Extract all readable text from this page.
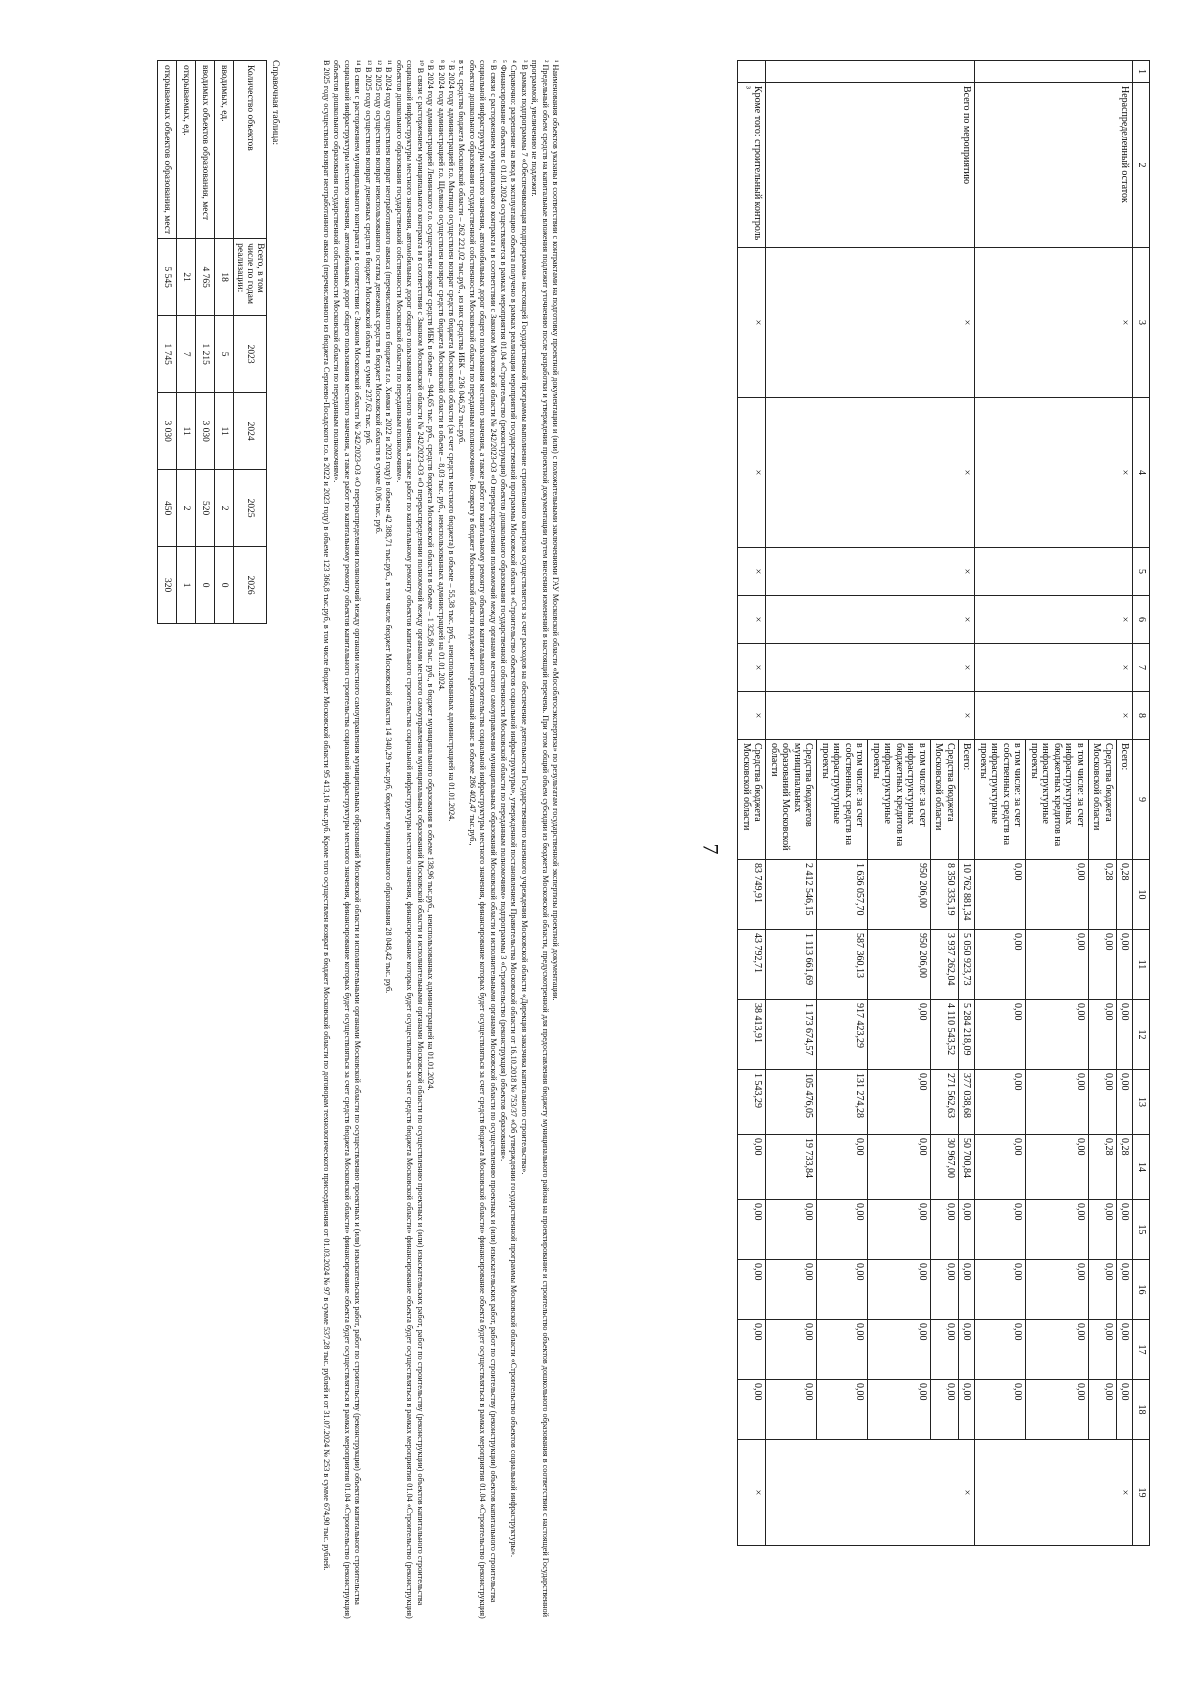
7
1	2	3	4	5	6	7	8	9	10	11	12	13	14	15	16	17	18	19
	Нераспределенный остаток	×	×		×	×	×	Всего:	0,28	0,00	0,00	0,00	0,28	0,00	0,00	0,00	0,00	×
								Средства бюджета Московской области	0,28	0,00	0,00	0,00	0,28	0,00	0,00	0,00	0,00	
								в том числе: за счет инфраструктурных бюджетных кредитов на инфраструктурные проекты	0,00	0,00	0,00	0,00	0,00	0,00	0,00	0,00	0,00	
								в том числе: за счет собственных средств на инфраструктурные проекты	0,00	0,00	0,00	0,00	0,00	0,00	0,00	0,00	0,00	
	Всего по мероприятию	×	×	×	×	×	×	Всего:	10 762 881,34	5 050 923,73	5 284 218,09	377 038,68	50 700,84	0,00	0,00	0,00	0,00	×
								Средства бюджета Московской области	8 350 335,19	3 937 262,04	4 110 543,52	271 562,63	30 967,00	0,00	0,00	0,00	0,00	
								в том числе: за счет инфраструктурных бюджетных кредитов на инфраструктурные проекты	950 206,00	950 206,00	0,00	0,00	0,00	0,00	0,00	0,00	0,00	
								в том числе: за счет собственных средств на инфраструктурные проекты	1 636 057,70	587 360,13	917 423,29	131 274,28	0,00	0,00	0,00	0,00	0,00	
								Средства бюджетов муниципальных образований Московской области	2 412 546,15	1 113 661,69	1 173 674,57	105 476,05	19 733,84	0,00	0,00	0,00	0,00	
	Кроме того: строительный контроль ³	×	×	×	×	×	×	Средства бюджета Московской области	83 749,91	43 792,71	38 413,91	1 543,29	0,00	0,00	0,00	0,00	0,00	×

¹ Наименования объектов указаны в соответствии с контрактами на подготовку проектной документации и (или) с положительными заключениями ГАУ Московской области «Мособлгосэкспертиза» по результатам государственной экспертизы проектной документации.

² Предельный объем средств на капитальные вложения подлежит уточнению после разработки и утверждения проектной документации путем внесения изменений в настоящий перечень. При этом общий объем субсидии из бюджета Московской области, предусмотренной для предоставления бюджету муниципального района на проектирование и строительство объектов дошкольного образования в соответствии с настоящей Государственной программой, увеличению не подлежит.

³ В рамках подпрограммы 7 «Обеспечивающая подпрограмма» настоящей Государственной программы выполнение строительного контроля осуществляется за счет расходов на обеспечение деятельности Государственного казенного учреждения Московской области «Дирекция заказчика капитального строительства».

⁴ Справочно: разрешение на ввод в эксплуатацию объекта получено в рамках реализации мероприятий государственной программы Московской области «Строительство объектов социальной инфраструктуры», утвержденной постановлением Правительства Московской области от 16.10.2018 № 753/37 «Об утверждении государственной программы Московской области «Строительство объектов социальной инфраструктуры».

⁵ Финансирование объектов с 01.01.2024 осуществляется в рамках мероприятия 01.04 «Строительство (реконструкция) объектов дошкольного образования государственной собственности Московской области по переданным полномочиям» подпрограммы 3 «Строительство (реконструкция) объектов образования».

⁶ В связи с расторжением муниципального контракта и в соответствии с Законом Московской области № 242/2023-ОЗ «О перераспределении полномочий между органами местного самоуправления муниципальных образований Московской области и исполнительными органами Московской области по осуществлению проектных и (или) изыскательских работ, работ по строительству (реконструкции) объектов капитального строительства социальной инфраструктуры местного значения, автомобильных дорог общего пользования местного значения, а также работ по капитальному ремонту объектов капитального строительства социальной инфраструктуры местного значения, финансирование которых будет осуществляться за счет средств бюджета Московской области» финансирование объекта будет осуществляться в рамках мероприятия 01.04 «Строительство (реконструкция) объектов дошкольного образования государственной собственности Московской области по переданным полномочиям». Возврату в бюджет Московской области подлежит неотработанный аванс в объеме 286 402,47 тыс.руб.,

в т.ч. средства бюджета Московской области – 262 221,02 тыс.руб., из них средства ИБК – 236 046,52 тыс.руб.

⁷ В 2024 году администрацией г.о. Мытищи осуществлен возврат средств бюджета Московской области (за счет средств местного бюджета) в объеме – 55,38 тыс. руб., неиспользованных администрацией на 01.01.2024.

⁸ В 2024 году администрацией г.о. Щелково осуществлен возврат средств бюджета Московской области в объеме – 8,03 тыс. руб., неиспользованных администрацией на 01.01.2024.

⁹ В 2024 году администрацией Ленинского г.о. осуществлен возврат средств ИБК в объеме – 944,65 тыс. руб., средств бюджета Московской области в объеме – 1 325,86 тыс. руб., в бюджет муниципального образования в объеме 138,96 тыс.руб., неиспользованных администрацией на 01.01.2024.

¹⁰ В связи с расторжением муниципального контракта и в соответствии с Законом Московской области № 242/2023-ОЗ «О перераспределении полномочий между органами местного самоуправления муниципальных образований Московской области и исполнительными органами Московской области по осуществлению проектных и (или) изыскательских работ, работ по строительству (реконструкции) объектов капитального строительства социальной инфраструктуры местного значения, автомобильных дорог общего пользования местного значения, а также работ по капитальному ремонту объектов капитального строительства социальной инфраструктуры местного значения, финансирование которых будет осуществляться за счет средств бюджета Московской области» финансирование объекта будет осуществляться в рамках мероприятия 01.04 «Строительство (реконструкция) объектов дошкольного образования государственной собственности Московской области по переданным полномочиям».

¹¹ В 2024 году осуществлен возврат неотработанного аванса (перечисленного из бюджета г.о. Химки в 2022 и 2023 году) в объеме 42 388,71 тыс.руб., в том числе бюджет Московской области 14 340,29 тыс.руб, бюджет муниципального образования 28 048,42 тыс. руб.

¹² В 2025 году осуществлен возврат неиспользованного остатка денежных средств в бюджет Московской области в сумме 0,06 тыс. руб.

¹³ В 2025 году осуществлен возврат денежных средств в бюджет Московской области в сумме 237,62 тыс. руб.

¹⁴ В связи с расторжением муниципального контракта и в соответствии с Законом Московской области № 242/2023-ОЗ «О перераспределении полномочий между органами местного самоуправления муниципальных образований Московской области и исполнительными органами Московской области по осуществлению проектных и (или) изыскательских работ, работ по строительству (реконструкции) объектов капитального строительства социальной инфраструктуры местного значения, автомобильных дорог общего пользования местного значения, а также работ по капитальному ремонту объектов капитального строительства социальной инфраструктуры местного значения, финансирование которых будет осуществляться за счет средств бюджета Московской области» финансирование объекта будет осуществляться в рамках мероприятия 01.04 «Строительство (реконструкция) объектов дошкольного образования государственной собственности Московской области по переданным полномочиям».

В 2025 году осуществлен возврат неотработанного аванса (перечисленного из бюджета Сергиево-Посадского г.о. в 2022 и 2023 году) в объеме 123 366,8 тыс.руб, в том числе бюджет Московской области 95 413,16 тыс.руб. Кроме того осуществлен возврат в бюджет Московской области по договорам технологического присоединения от 01.03.2024 № 97 в сумме 537,28 тыс. рублей и от 31.07.2024 № 253 в сумме 674,90 тыс. рублей.

Справочная таблица:
Количество объектов	Всего, в том числе по годам реализации:	2023	2024	2025	2026
вводимых, ед.	18	5	11	2	0
вводимых объектов образования, мест	4 765	1 215	3 030	520	0
открываемых, ед.	21	7	11	2	1
открываемых объектов образования, мест	5 545	1 745	3 030	450	320
